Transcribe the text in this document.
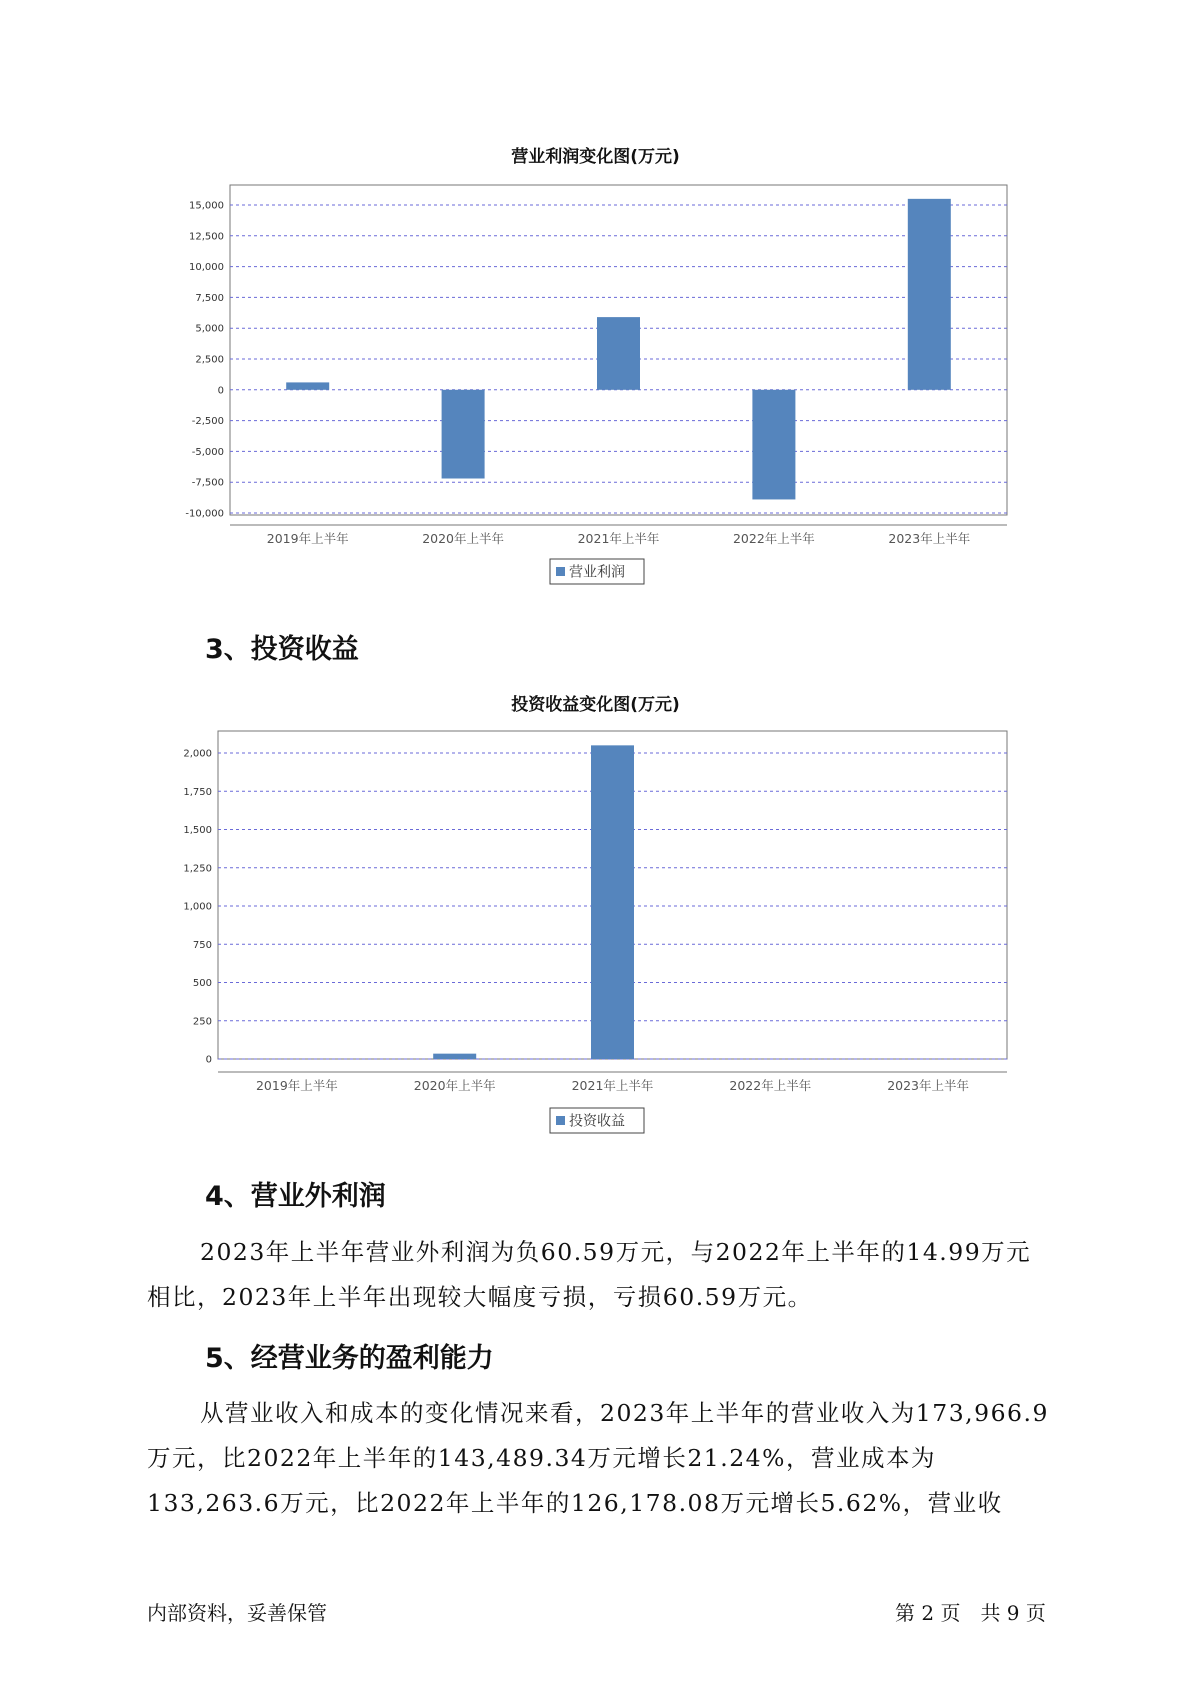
营业利润变化图(万元)
-10,000
-7,500
-5,000
-2,500
0
2,500
5,000
7,500
10,000
12,500
15,000
2019年上半年	2020年上半年	2021年上半年	2022年上半年	2023年上半年
营业利润
3、投资收益
投资收益变化图(万元)
0
250
500
750
1,000
1,250
1,500
1,750
2,000
2019年上半年	2020年上半年	2021年上半年	2022年上半年	2023年上半年
投资收益
4、营业外利润

2023年上半年营业外利润为负60.59万元，与2022年上半年的14.99万元相比，2023年上半年出现较大幅度亏损，亏损60.59万元。

5、经营业务的盈利能力

从营业收入和成本的变化情况来看，2023年上半年的营业收入为173,966.9万元，比2022年上半年的143,489.34万元增长21.24%，营业成本为133,263.6万元，比2022年上半年的126,178.08万元增长5.62%，营业收

内部资料，妥善保管	第 2 页　共 9 页
